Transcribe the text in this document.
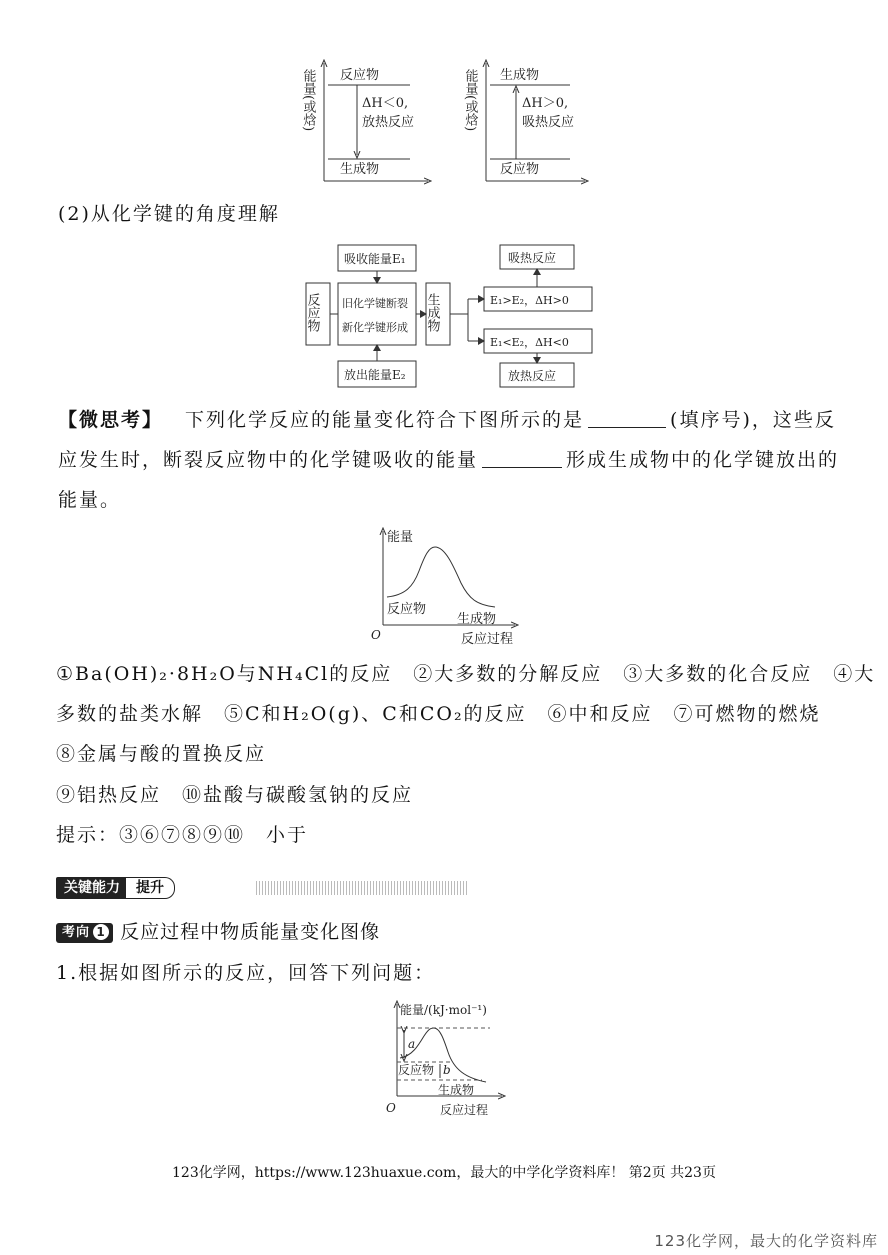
能量(或焓) 反应物
ΔH＜0,
放热反应
生成物
能量(或焓) 生成物
ΔH＞0,
吸热反应
反应物
(2)从化学键的角度理解
吸收能量E₁
反应物 旧化学键断裂
新化学键形成 生成物
放出能量E₂
吸热反应
E₁>E₂，ΔH>0
E₁<E₂，ΔH<0
放热反应
【微思考】 下列化学反应的能量变化符合下图所示的是	(填序号)，这些反
应发生时，断裂反应物中的化学键吸收的能量	形成生成物中的化学键放出的
能量。
能量
反应物
生成物
O	反应过程
①Ba(OH)₂·8H₂O与NH₄Cl的反应　②大多数的分解反应　③大多数的化合反应　④大
多数的盐类水解　⑤C和H₂O(g)、C和CO₂的反应　⑥中和反应　⑦可燃物的燃烧
⑧金属与酸的置换反应
⑨铝热反应　⑩盐酸与碳酸氢钠的反应
提示：③⑥⑦⑧⑨⑩　小于
关键能力 提升
考向 1 反应过程中物质能量变化图像
1.根据如图所示的反应，回答下列问题：
能量/(kJ·mol⁻¹)
a
b
反应物
生成物
O	反应过程
123化学网，https://www.123huaxue.com，最大的中学化学资料库！ 第2页 共23页
123化学网，最大的化学资料库
